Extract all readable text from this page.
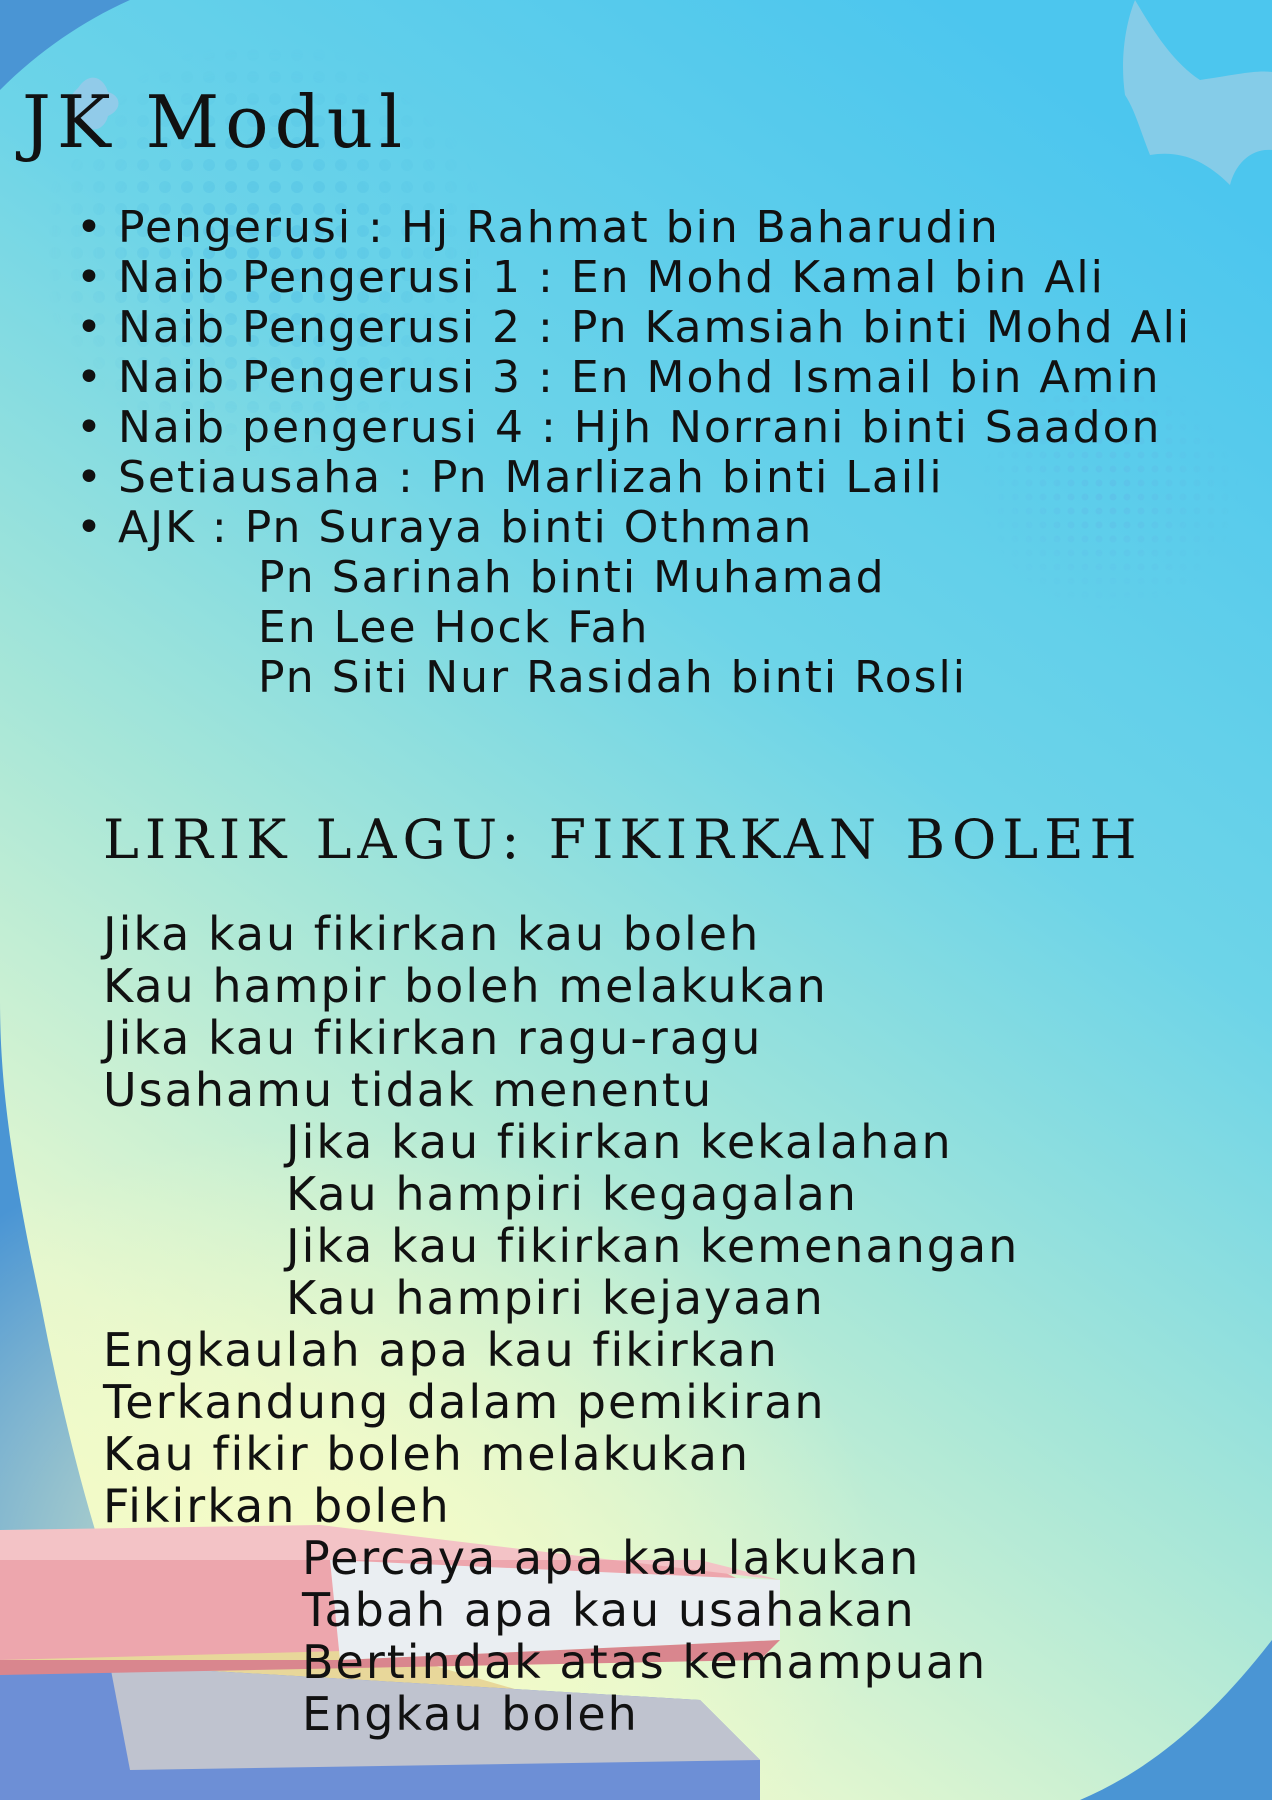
JK Modul
• Pengerusi : Hj Rahmat bin Baharudin
• Naib Pengerusi 1 : En Mohd Kamal bin Ali
• Naib Pengerusi 2 : Pn Kamsiah binti Mohd Ali
• Naib Pengerusi 3 : En Mohd Ismail bin Amin
• Naib pengerusi 4 : Hjh Norrani binti Saadon
• Setiausaha : Pn Marlizah binti Laili
• AJK : Pn Suraya binti Othman
Pn Sarinah binti Muhamad
En Lee Hock Fah
Pn Siti Nur Rasidah binti Rosli
LIRIK LAGU: FIKIRKAN BOLEH
Jika kau fikirkan kau boleh
Kau hampir boleh melakukan
Jika kau fikirkan ragu-ragu
Usahamu tidak menentu
Jika kau fikirkan kekalahan
Kau hampiri kegagalan
Jika kau fikirkan kemenangan
Kau hampiri kejayaan
Engkaulah apa kau fikirkan
Terkandung dalam pemikiran
Kau fikir boleh melakukan
Fikirkan boleh
Percaya apa kau lakukan
Tabah apa kau usahakan
Bertindak atas kemampuan
Engkau boleh
